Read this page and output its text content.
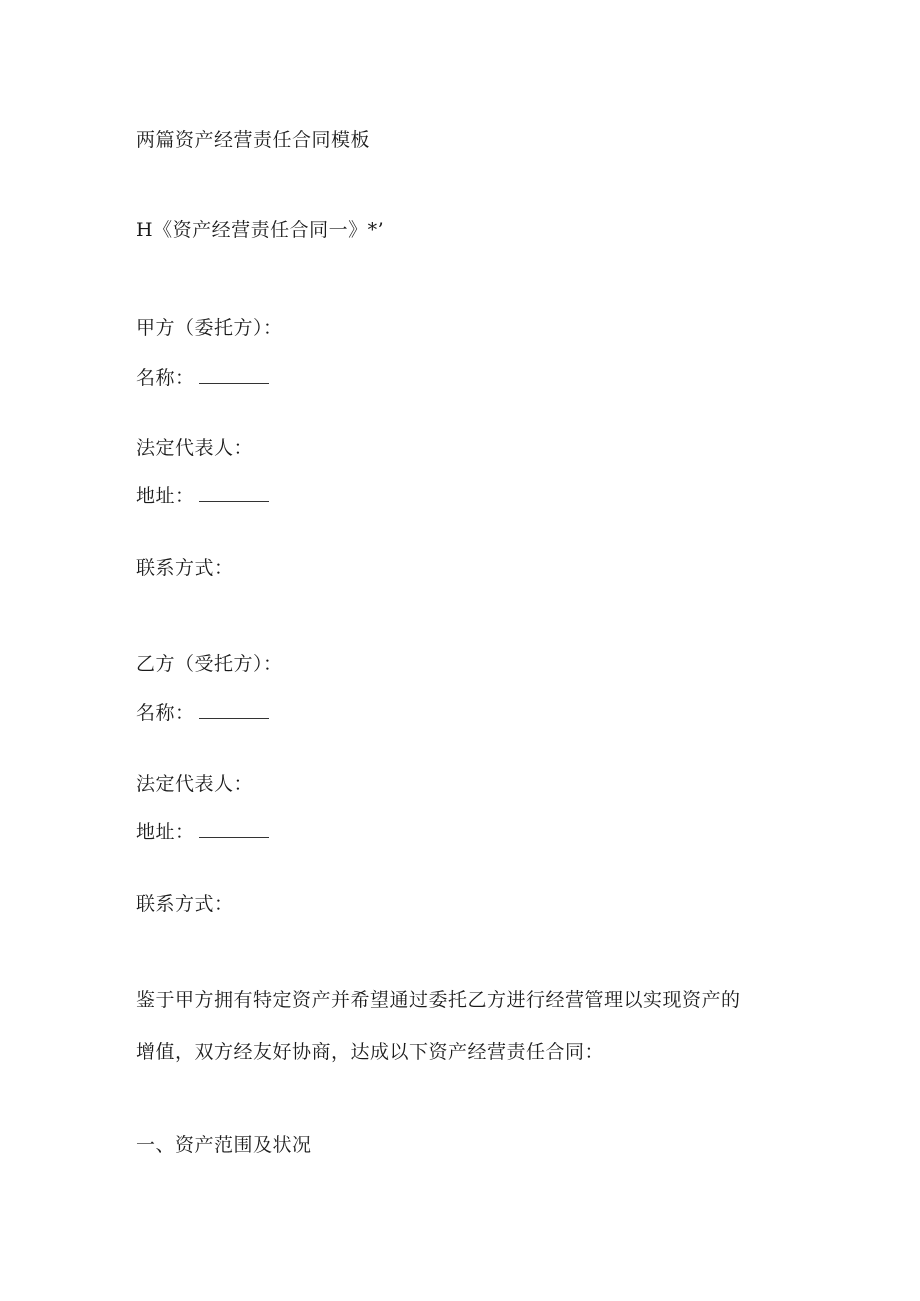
两篇资产经营责任合同模板
H《资产经营责任合同一》*’
甲方（委托方）：
名称：
法定代表人：
地址：
联系方式：
乙方（受托方）：
名称：
法定代表人：
地址：
联系方式：
鉴于甲方拥有特定资产并希望通过委托乙方进行经营管理以实现资产的
增值，双方经友好协商，达成以下资产经营责任合同：
一、资产范围及状况
